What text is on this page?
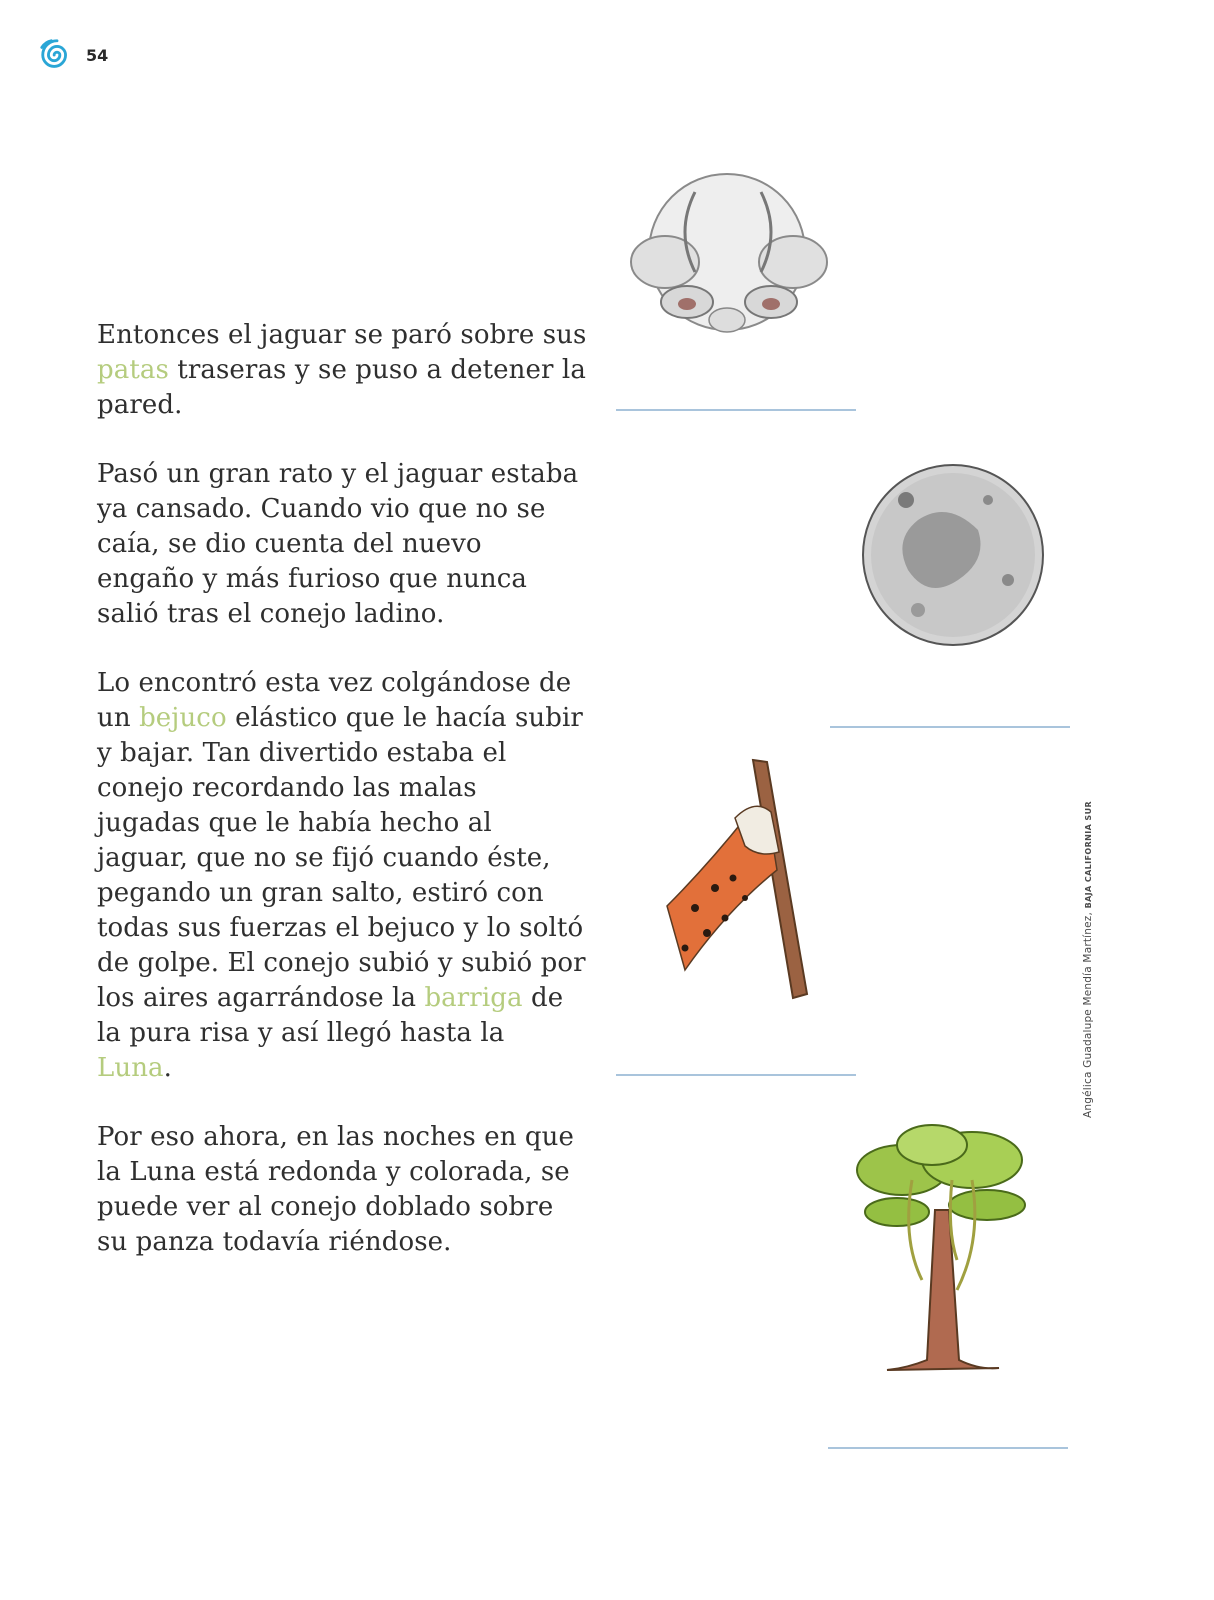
54

Entonces el jaguar se paró sobre sus patas traseras y se puso a detener la pared.

Pasó un gran rato y el jaguar estaba ya cansado. Cuando vio que no se caía, se dio cuenta del nuevo engaño y más furioso que nunca salió tras el conejo ladino.

Lo encontró esta vez colgándose de un bejuco elástico que le hacía subir y bajar. Tan divertido estaba el conejo recordando las malas jugadas que le había hecho al jaguar, que no se fijó cuando éste, pegando un gran salto, estiró con todas sus fuerzas el bejuco y lo soltó de golpe. El conejo subió y subió por los aires agarrándose la barriga de la pura risa y así llegó hasta la Luna.

Por eso ahora, en las noches en que la Luna está redonda y colorada, se puede ver al conejo doblado sobre su panza todavía riéndose.

Angélica Guadalupe Mendía Martínez, BAJA CALIFORNIA SUR
